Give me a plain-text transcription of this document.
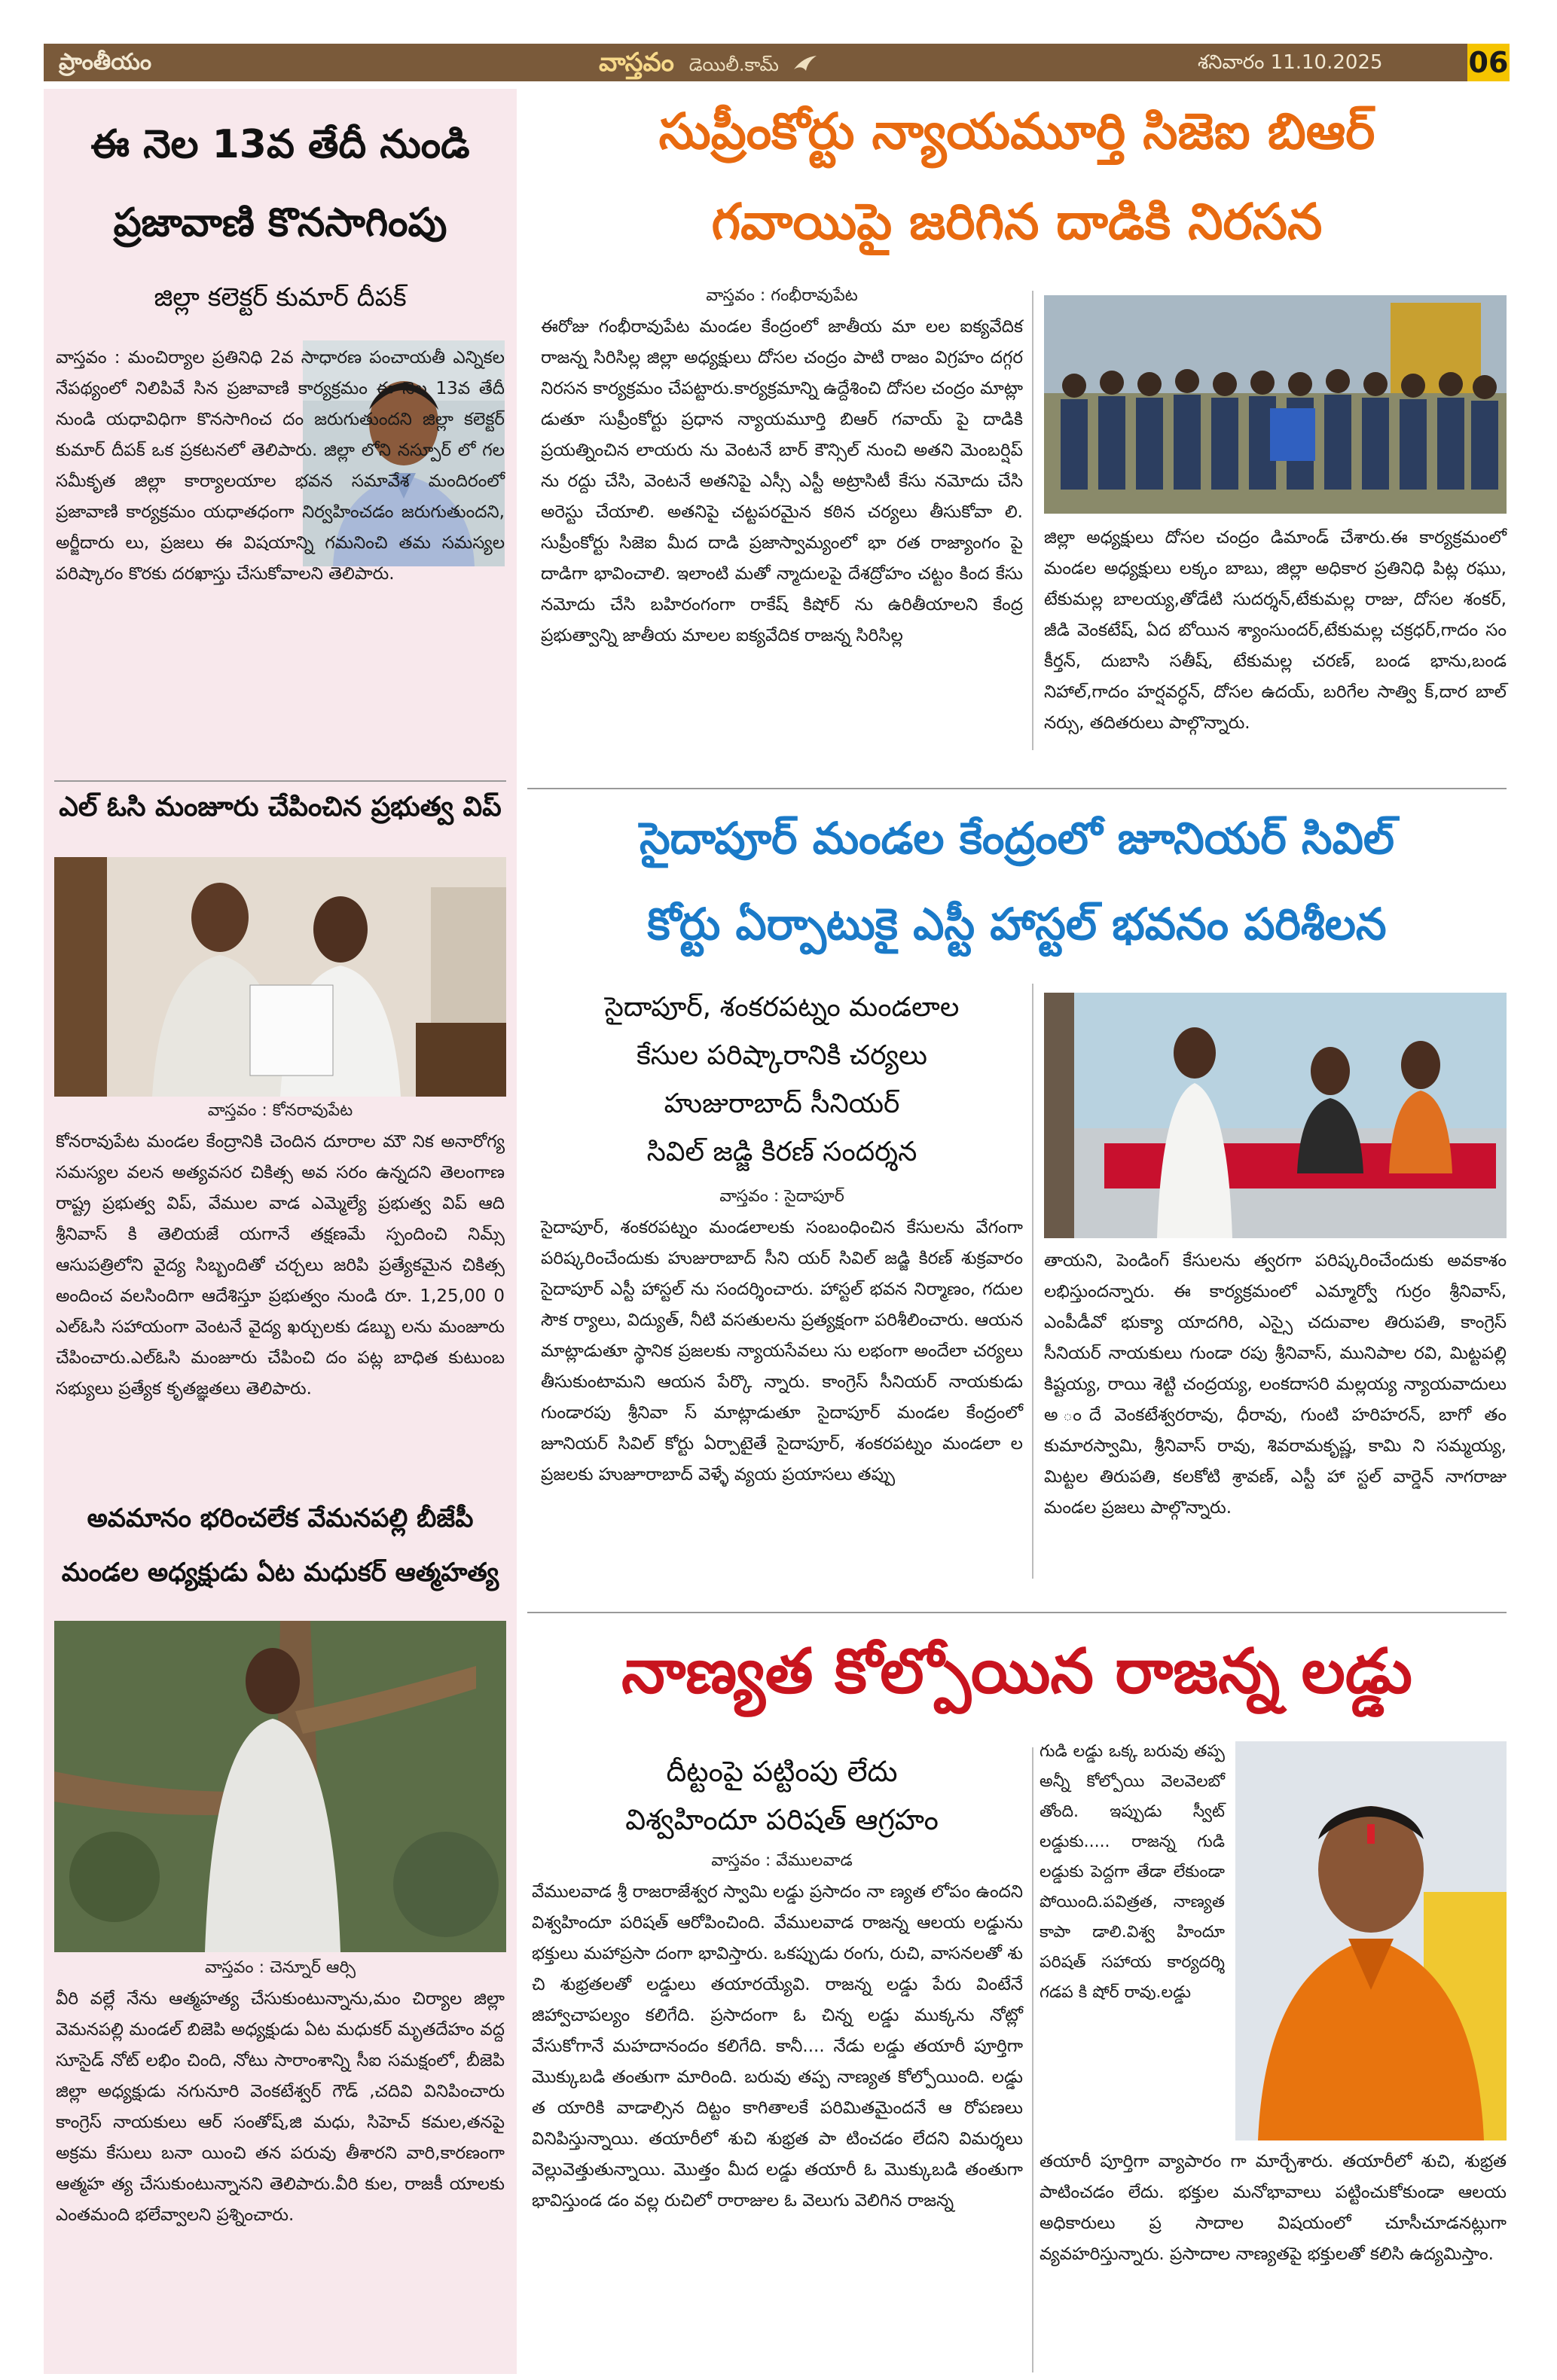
ప్రాంతీయం	వాస్తవం డెయిలీ.కామ్	శనివారం 11.10.2025	06
ఈ నెల 13వ తేదీ నుండి ప్రజావాణి కొనసాగింపు
జిల్లా కలెక్టర్ కుమార్ దీపక్
వాస్తవం : మంచిర్యాల ప్రతినిధి 2వ సాధారణ పంచాయతీ ఎన్నికల నేపథ్యంలో నిలిపివే సిన ప్రజావాణి కార్యక్రమం ఈ నెల 13వ తేదీ నుండి యధావిధిగా కొనసాగించ దం జరుగుతుందని జిల్లా కలెక్టర్ కుమార్ దీపక్ ఒక ప్రకటనలో తెలిపారు. జిల్లా లోని నస్పూర్ లో గల సమీకృత జిల్లా కార్యాలయాల భవన సమావేశ మందిరంలో ప్రజావాణి కార్యక్రమం యధాతధంగా నిర్వహించడం జరుగుతుందని, అర్జీదారు లు, ప్రజలు ఈ విషయాన్ని గమనించి తమ సమస్యల పరిష్కారం కొరకు దరఖాస్తు చేసుకోవాలని తెలిపారు.
ఎల్ ఓసి మంజూరు చేపించిన ప్రభుత్వ విప్
వాస్తవం : కోనరావుపేట
కోనరావుపేట మండల కేంద్రానికి చెందిన దూరాల మౌ నిక అనారోగ్య సమస్యల వలన అత్యవసర చికిత్స అవ సరం ఉన్నదని తెలంగాణ రాష్ట్ర ప్రభుత్వ విప్, వేముల వాడ ఎమ్మెల్యే ప్రభుత్వ విప్ ఆది శ్రీనివాస్ కి తెలియజే యగానే తక్షణమే స్పందించి నిమ్స్ ఆసుపత్రిలోని వైద్య సిబ్బందితో చర్చలు జరిపి ప్రత్యేకమైన చికిత్స అందించ వలసిందిగా ఆదేశిస్తూ ప్రభుత్వం నుండి రూ. 1,25,00 0 ఎల్ఓసి సహాయంగా వెంటనే వైద్య ఖర్చులకు డబ్బు లను మంజూరు చేపించారు.ఎల్ఓసి మంజూరు చేపించి దం పట్ల బాధిత కుటుంబ సభ్యులు ప్రత్యేక కృతజ్ఞతలు తెలిపారు.
అవమానం భరించలేక వేమనపల్లి బీజేపీ మండల అధ్యక్షుడు ఏట మధుకర్ ఆత్మహత్య
వాస్తవం : చెన్నూర్ ఆర్సి
వీరి వల్లే నేను ఆత్మహత్య చేసుకుంటున్నాను,మం చిర్యాల జిల్లా వెమనపల్లి మండల్ బిజెపి అధ్యక్షుడు ఏట మధుకర్ మృతదేహం వద్ద సూసైడ్ నోట్ లభిం చింది, నోటు సారాంశాన్ని సీఐ సమక్షంలో, బీజెపి జిల్లా అధ్యక్షుడు నగునూరి వెంకటేశ్వర్ గౌడ్ ,చదివి వినిపించారు కాంగ్రెస్ నాయకులు ఆర్ సంతోష్,జి మధు, సిహెచ్ కమల,తనపై అక్రమ కేసులు బనా యించి తన పరువు తీశారని వారి,కారణంగా ఆత్మహ త్య చేసుకుంటున్నానని తెలిపారు.వీరి కుల, రాజకీ యాలకు ఎంతమంది భలేవ్వాలని ప్రశ్నించారు.
సుప్రీంకోర్టు న్యాయమూర్తి సిజెఐ బిఆర్
గవాయిపై జరిగిన దాడికి నిరసన
వాస్తవం : గంభీరావుపేట
ఈరోజు గంభీరావుపేట మండల కేంద్రంలో జాతీయ మా లల ఐక్యవేదిక రాజన్న సిరిసిల్ల జిల్లా అధ్యక్షులు దోసల చంద్రం పాటి రాజం విగ్రహం దగ్గర నిరసన కార్యక్రమం చేపట్టారు.కార్యక్రమాన్ని ఉద్దేశించి దోసల చంద్రం మాట్లా డుతూ సుప్రీంకోర్టు ప్రధాన న్యాయమూర్తి బిఆర్ గవాయ్ పై దాడికి ప్రయత్నించిన లాయరు ను వెంటనే బార్ కౌన్సిల్ నుంచి అతని మెంబర్షిప్ ను రద్దు చేసి, వెంటనే అతనిపై ఎస్సీ ఎస్టీ అట్రాసిటీ కేసు నమోదు చేసి అరెస్టు చేయాలి. అతనిపై చట్టపరమైన కఠిన చర్యలు తీసుకోవా లి. సుప్రీంకోర్టు సిజెఐ మీద దాడి ప్రజాస్వామ్యంలో భా రత రాజ్యాంగం పై దాడిగా భావించాలి. ఇలాంటి మతో న్మాదులపై దేశద్రోహం చట్టం కింద కేసు నమోదు చేసి బహిరంగంగా రాకేష్ కిషోర్ ను ఉరితీయాలని కేంద్ర ప్రభుత్వాన్ని జాతీయ మాలల ఐక్యవేదిక రాజన్న సిరిసిల్ల
జిల్లా అధ్యక్షులు దోసల చంద్రం డిమాండ్ చేశారు.ఈ కార్యక్రమంలో మండల అధ్యక్షులు లక్కం బాబు, జిల్లా అధికార ప్రతినిధి పిట్ల రఘు, టేకుమల్ల బాలయ్య,తోడేటి సుదర్శన్,టేకుమల్ల రాజు, దోసల శంకర్, జీడి వెంకటేష్, ఏద బోయిన శ్యాంసుందర్,టేకుమల్ల చక్రధర్,గాదం సం కీర్తన్, దుబాసి సతీష్, టేకుమల్ల చరణ్, బండ భాను,బండ నిహాల్,గాదం హర్షవర్ధన్, దోసల ఉదయ్, బరిగేల సాత్వి క్,దార బాల్ నర్సు, తదితరులు పాల్గొన్నారు.
సైదాపూర్ మండల కేంద్రంలో జూనియర్ సివిల్
కోర్టు ఏర్పాటుకై ఎస్టీ హాస్టల్ భవనం పరిశీలన
సైదాపూర్, శంకరపట్నం మండలాల
కేసుల పరిష్కారానికి చర్యలు
హుజురాబాద్ సీనియర్
సివిల్ జడ్జి కిరణ్ సందర్శన
వాస్తవం : సైదాపూర్
సైదాపూర్, శంకరపట్నం మండలాలకు సంబంధించిన కేసులను వేగంగా పరిష్కరించేందుకు హుజురాబాద్ సీని యర్ సివిల్ జడ్జి కిరణ్ శుక్రవారం సైదాపూర్ ఎస్టీ హాస్టల్ ను సందర్శించారు. హాస్టల్ భవన నిర్మాణం, గదుల సౌక ర్యాలు, విద్యుత్, నీటి వసతులను ప్రత్యక్షంగా పరిశీలించారు. ఆయన మాట్లాడుతూ స్థానిక ప్రజలకు న్యాయసేవలు సు లభంగా అందేలా చర్యలు తీసుకుంటామని ఆయన పేర్కొ న్నారు. కాంగ్రెస్ సీనియర్ నాయకుడు గుండారపు శ్రీనివా స్ మాట్లాడుతూ సైదాపూర్ మండల కేంద్రంలో జూనియర్ సివిల్ కోర్టు ఏర్పాటైతే సైదాపూర్, శంకరపట్నం మండలా ల ప్రజలకు హుజూరాబాద్ వెళ్ళే వ్యయ ప్రయాసలు తప్పు
తాయని, పెండింగ్ కేసులను త్వరగా పరిష్కరించేందుకు అవకాశం లభిస్తుందన్నారు. ఈ కార్యక్రమంలో ఎమ్మార్వో గుర్రం శ్రీనివాస్, ఎంపీడీవో భుక్యా యాదగిరి, ఎస్సై చదువాల తిరుపతి, కాంగ్రెస్ సీనియర్ నాయకులు గుండా రపు శ్రీనివాస్, మునిపాల రవి, మిట్టపల్లి కిష్టయ్య, రాయి శెట్టి చంద్రయ్య, లంకదాసరి మల్లయ్య న్యాయవాదులు అ ందే వెంకటేశ్వరరావు, ధీరావు, గుంటి హరిహరన్, బాగో తం కుమారస్వామి, శ్రీనివాస్ రావు, శివరామకృష్ణ, కామి ని సమ్మయ్య, మిట్టల తిరుపతి, కలకోటి శ్రావణ్, ఎస్టీ హా స్టల్ వార్డెన్ నాగరాజు మండల ప్రజలు పాల్గొన్నారు.
నాణ్యత కోల్పోయిన రాజన్న లడ్డు
దీట్టంపై పట్టింపు లేదు
విశ్వహిందూ పరిషత్ ఆగ్రహం
వాస్తవం : వేములవాడ
వేములవాడ శ్రీ రాజరాజేశ్వర స్వామి లడ్డు ప్రసాదం నా ణ్యత లోపం ఉందని విశ్వహిందూ పరిషత్ ఆరోపించింది. వేములవాడ రాజన్న ఆలయ లడ్డును భక్తులు మహాప్రసా దంగా భావిస్తారు. ఒకప్పుడు రంగు, రుచి, వాసనలతో శు చి శుభ్రతలతో లడ్డులు తయారయ్యేవి. రాజన్న లడ్డు పేరు వింటేనే జిహ్వాచాపల్యం కలిగేది. ప్రసాదంగా ఓ చిన్న లడ్డు ముక్కను నోట్లో వేసుకోగానే మహదానందం కలిగేది. కానీ.... నేడు లడ్డు తయారీ పూర్తిగా మొక్కుబడి తంతుగా మారింది. బరువు తప్ప నాణ్యత కోల్పోయింది. లడ్డు త యారికి వాడాల్సిన దిట్టం కాగితాలకే పరిమితమైందనే ఆ రోపణలు వినిపిస్తున్నాయి. తయారీలో శుచి శుభ్రత పా టించడం లేదని విమర్శలు వెల్లువెత్తుతున్నాయి. మొత్తం మీద లడ్డు తయారీ ఓ మొక్కుబడి తంతుగా భావిస్తుండ డం వల్ల రుచిలో రారాజుల ఓ వెలుగు వెలిగిన రాజన్న
గుడి లడ్డు ఒక్క బరువు తప్ప అన్నీ కోల్పోయి వెలవెలబో తోంది. ఇప్పుడు స్వీట్ లడ్డుకు..... రాజన్న గుడి లడ్డుకు పెద్దగా తేడా లేకుండా పోయింది.పవిత్రత, నాణ్యత కాపా డాలి.విశ్వ హిందూ పరిషత్ సహాయ కార్యదర్శి గడప కి షోర్ రావు.లడ్డు
తయారీ పూర్తిగా వ్యాపారం గా మార్చేశారు. తయారీలో శుచి, శుభ్రత పాటించడం లేదు. భక్తుల మనోభావాలు పట్టించుకోకుండా ఆలయ అధికారులు ప్ర సాదాల విషయంలో చూసీచూడనట్లుగా వ్యవహరిస్తున్నారు. ప్రసాదాల నాణ్యతపై భక్తులతో కలిసి ఉద్యమిస్తాం.
